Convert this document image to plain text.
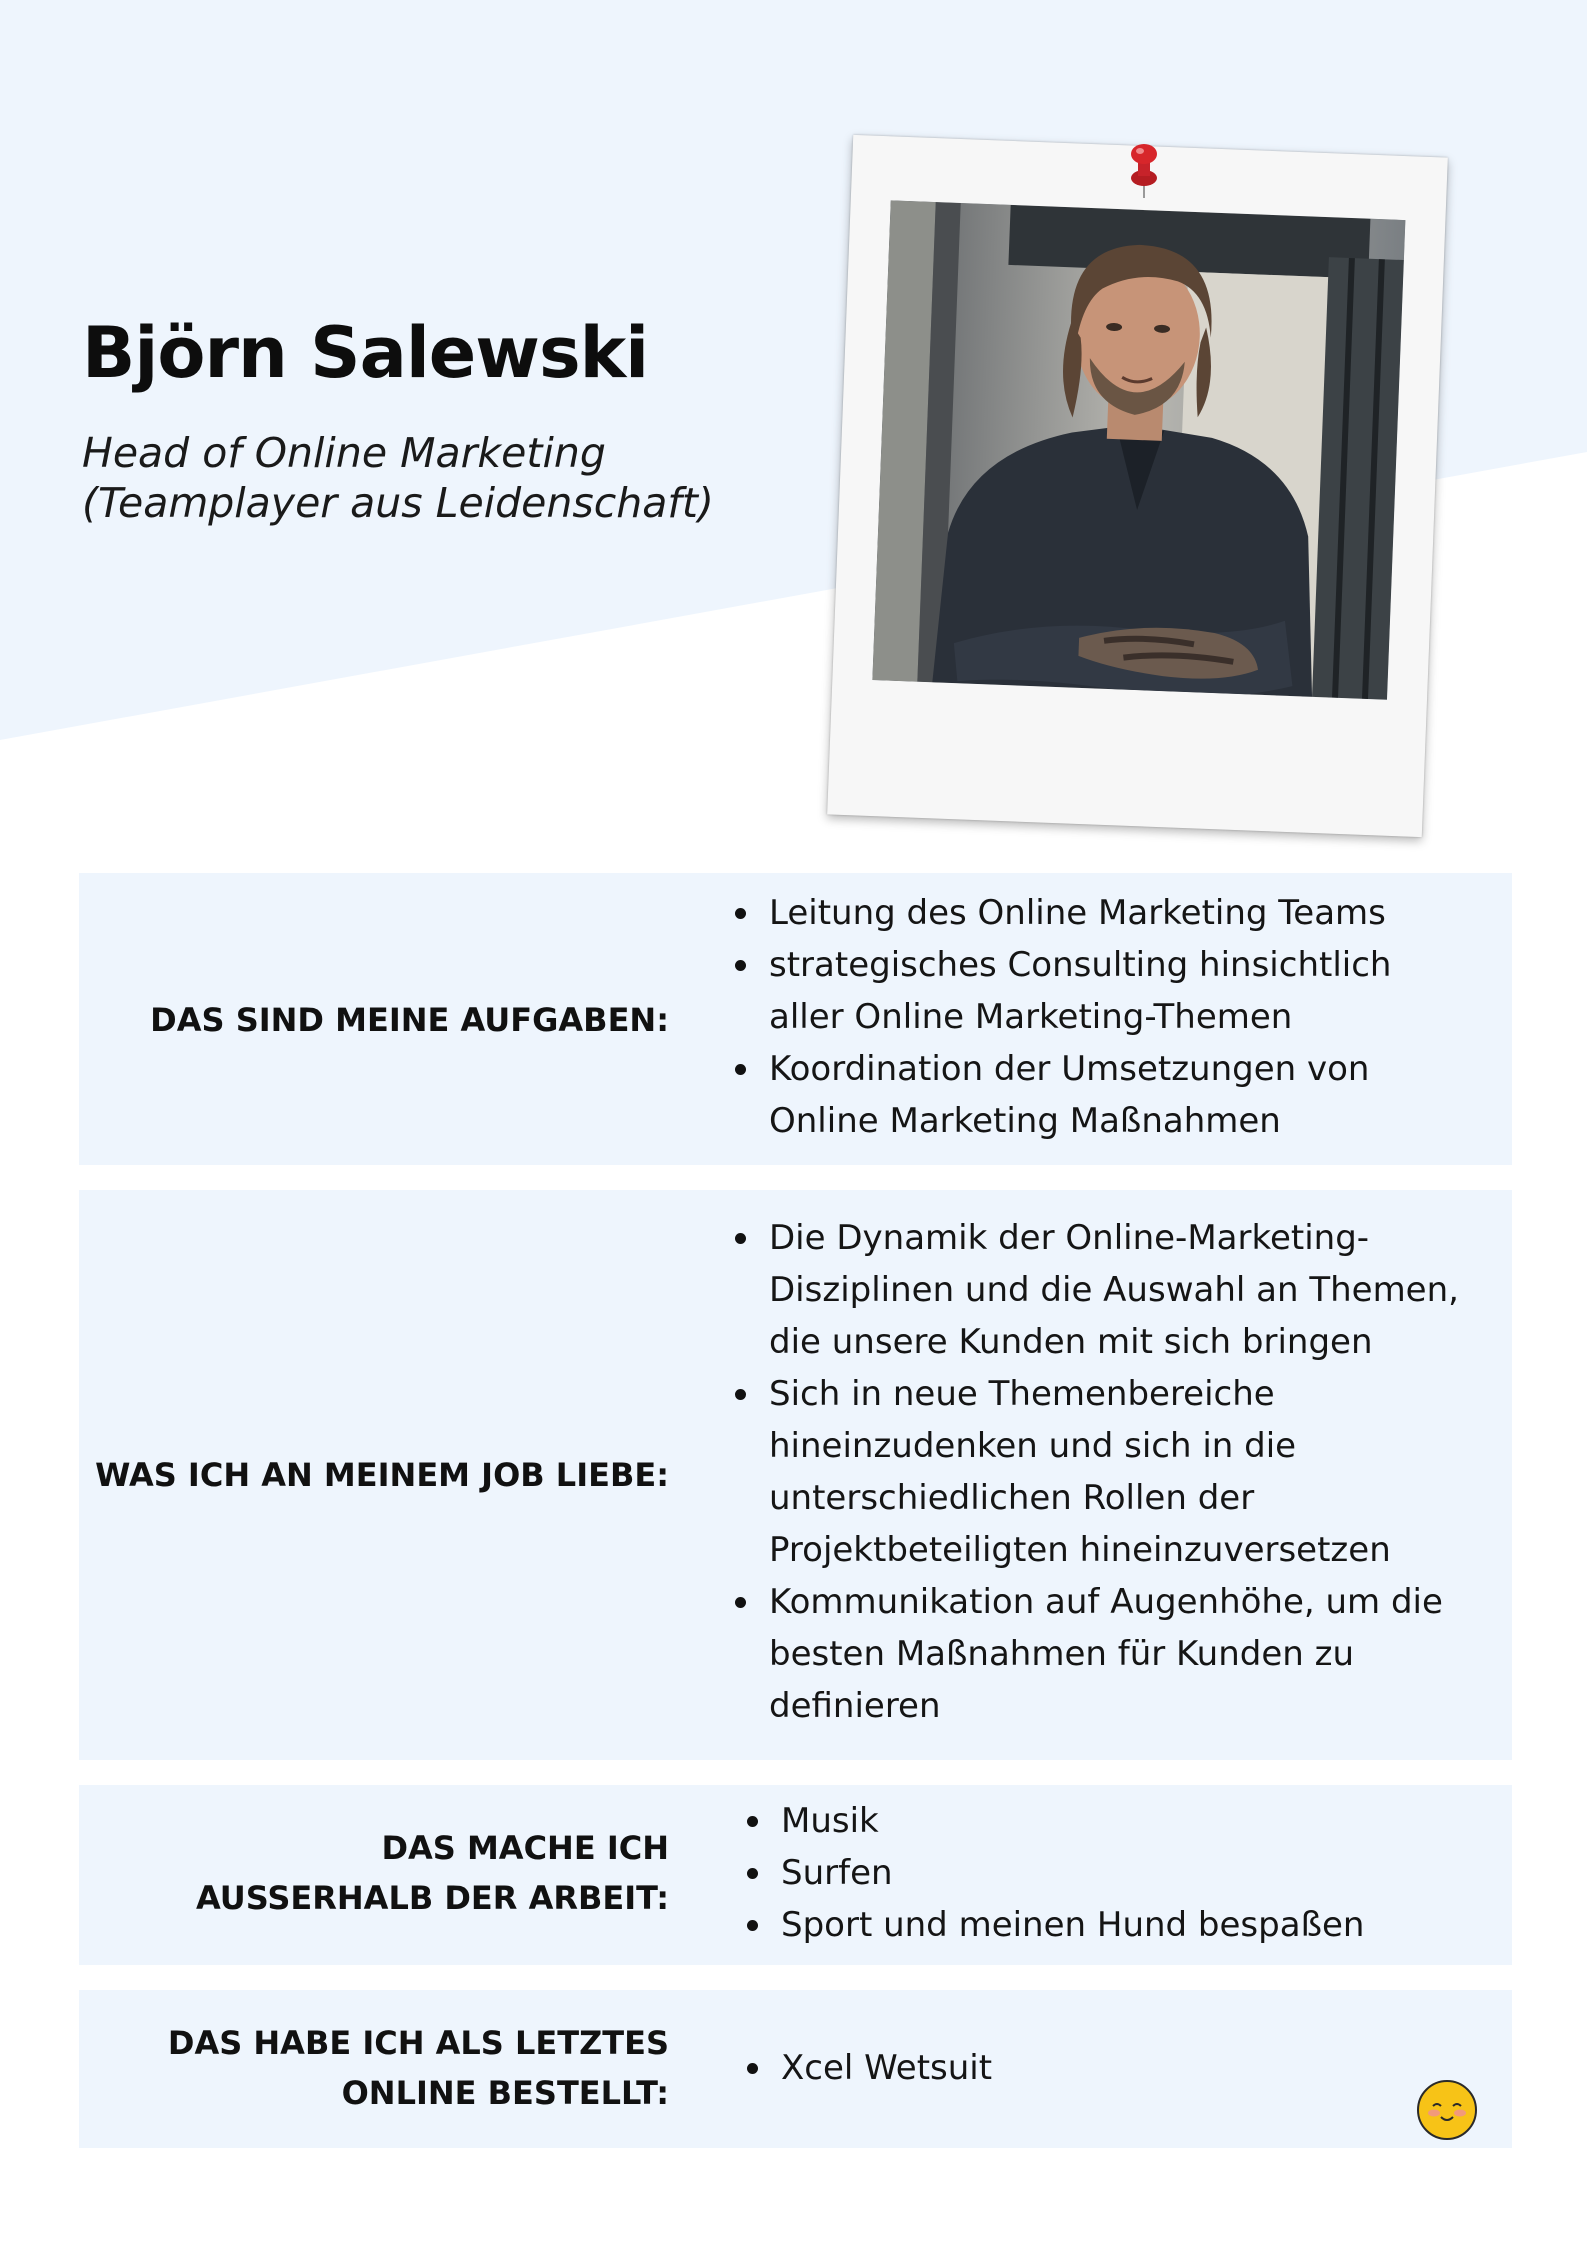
Björn Salewski

Head of Online Marketing
(Teamplayer aus Leidenschaft)

DAS SIND MEINE AUFGABEN:
Leitung des Online Marketing Teams
strategisches Consulting hinsichtlich
aller Online Marketing-Themen
Koordination der Umsetzungen von
Online Marketing Maßnahmen
WAS ICH AN MEINEM JOB LIEBE:
Die Dynamik der Online-Marketing-
Disziplinen und die Auswahl an Themen,
die unsere Kunden mit sich bringen
Sich in neue Themenbereiche
hineinzudenken und sich in die
unterschiedlichen Rollen der
Projektbeteiligten hineinzuversetzen
Kommunikation auf Augenhöhe, um die
besten Maßnahmen für Kunden zu
definieren
DAS MACHE ICH
AUSSERHALB DER ARBEIT:
Musik
Surfen
Sport und meinen Hund bespaßen
DAS HABE ICH ALS LETZTES
ONLINE BESTELLT:
Xcel Wetsuit
